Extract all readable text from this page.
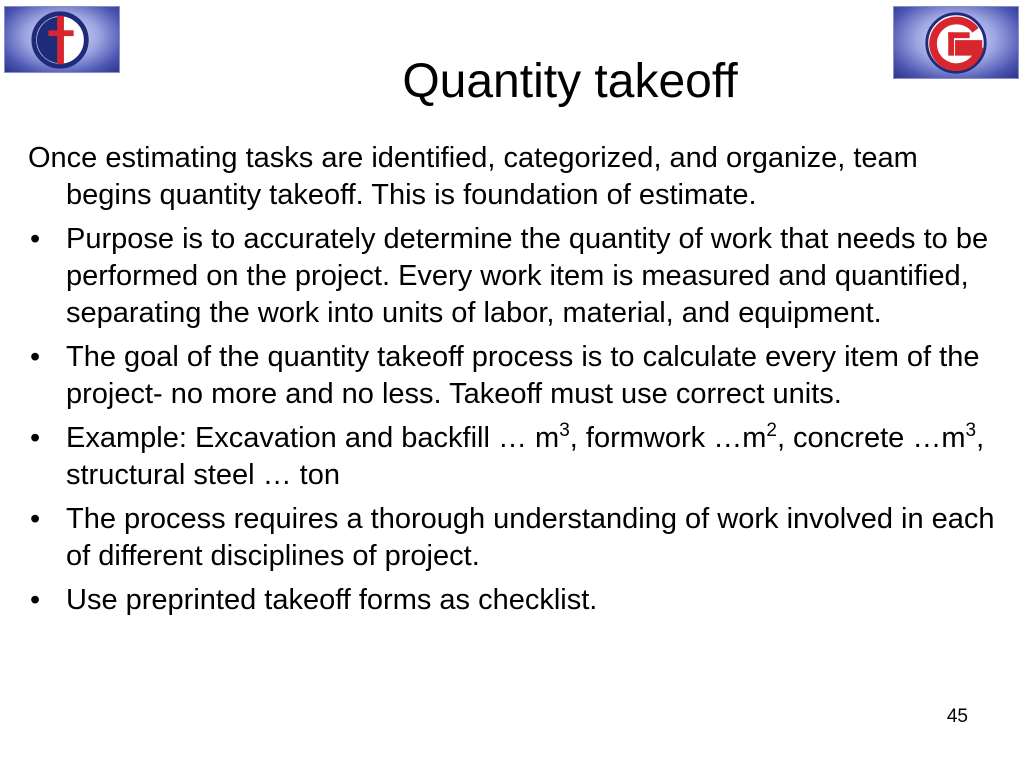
Quantity takeoff

Once estimating tasks are identified, categorized, and organize, team begins quantity takeoff. This is foundation of estimate.

• Purpose is to accurately determine the quantity of work that needs to be performed on the project. Every work item is measured and quantified, separating the work into units of labor, material, and equipment.
• The goal of the quantity takeoff process is to calculate every item of the project- no more and no less. Takeoff must use correct units.
• Example: Excavation and backfill … $m^3$, formwork $\dots m^2$, concrete $\dots m^3$, structural steel … ton
• The process requires a thorough understanding of work involved in each of different disciplines of project.
• Use preprinted takeoff forms as checklist.
45
